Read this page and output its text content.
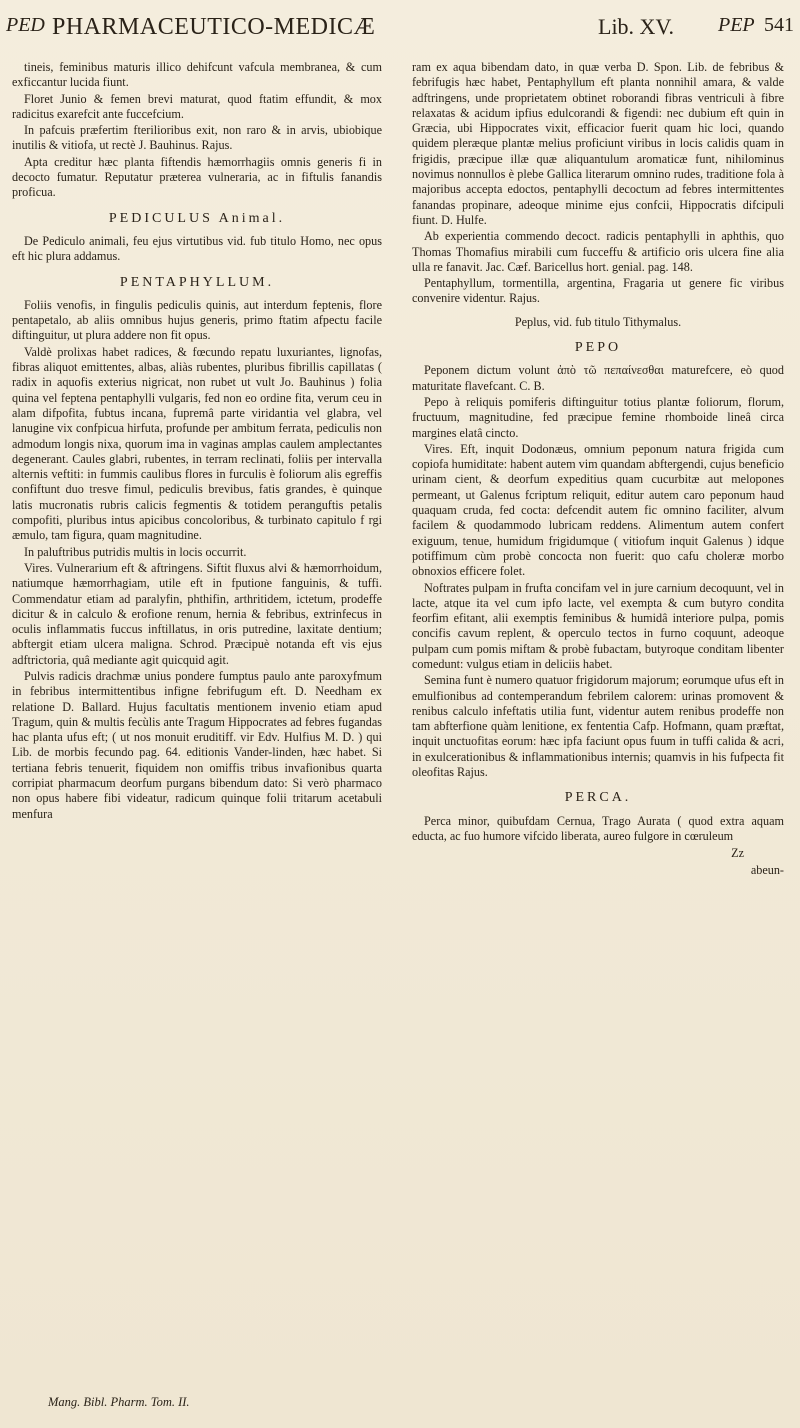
PED PHARMACEUTICO-MEDICÆ	Lib. XV. PEP 541

tineis, feminibus maturis illico dehifcunt vafcula membranea, & cum exficcantur lucida fiunt.

Floret Junio & femen brevi maturat, quod ftatim effundit, & mox radicitus exarefcit ante fuccefcium.

In pafcuis præfertim fterilioribus exit, non raro & in arvis, ubiobique inutilis & vitiofa, ut rectè J. Bauhinus. Rajus.

Apta creditur hæc planta fiftendis hæmorrhagiis omnis generis fi in decocto fumatur. Reputatur præterea vulneraria, ac in fiftulis fanandis proficua.

PEDICULUS Animal.

De Pediculo animali, feu ejus virtutibus vid. fub titulo Homo, nec opus eft hic plura addamus.

PENTAPHYLLUM.

Foliis venofis, in fingulis pediculis quinis, aut interdum feptenis, flore pentapetalo, ab aliis omnibus hujus generis, primo ftatim afpectu facile diftinguitur, ut plura addere non fit opus.

Valdè prolixas habet radices, & fœcundo repatu luxuriantes, lignofas, fibras aliquot emittentes, albas, aliàs rubentes, pluribus fibrillis capillatas ( radix in aquofis exterius nigricat, non rubet ut vult Jo. Bauhinus ) folia quina vel feptena pentaphylli vulgaris, fed non eo ordine fita, verum ceu in alam difpofita, fubtus incana, fupremâ parte viridantia vel glabra, vel lanugine vix confpicua hirfuta, profunde per ambitum ferrata, pediculis non admodum longis nixa, quorum ima in vaginas amplas caulem amplectantes degenerant. Caules glabri, rubentes, in terram reclinati, foliis per intervalla alternis veftiti: in fummis caulibus flores in furculis è foliorum alis egreffis confiftunt duo tresve fimul, pediculis brevibus, fatis grandes, è quinque latis mucronatis rubris calicis fegmentis & totidem peranguftis petalis compofiti, pluribus intus apicibus concoloribus, & turbinato capitulo f rgi æmulo, tam figura, quam magnitudine.

In paluftribus putridis multis in locis occurrit.

Vires. Vulnerarium eft & aftringens. Siftit fluxus alvi & hæmorrhoidum, natiumque hæmorrhagiam, utile eft in fputione fanguinis, & tuffi. Commendatur etiam ad paralyfin, phthifin, arthritidem, ictetum, prodeffe dicitur & in calculo & erofione renum, hernia & febribus, extrinfecus in oculis inflammatis fuccus inftillatus, in oris putredine, laxitate dentium; abftergit etiam ulcera maligna. Schrod. Præcipuè notanda eft vis ejus adftrictoria, quâ mediante agit quicquid agit.

Pulvis radicis drachmæ unius pondere fumptus paulo ante paroxyfmum in febribus intermittentibus infigne febrifugum eft. D. Needham ex relatione D. Ballard. Hujus facultatis mentionem invenio etiam apud Tragum, quin & multis fecùlis ante Tragum Hippocrates ad febres fugandas hac planta ufus eft; ( ut nos monuit eruditiff. vir Edv. Hulfius M. D. ) qui Lib. de morbis fecundo pag. 64. editionis Vander-linden, hæc habet. Si tertiana febris tenuerit, fiquidem non omiffis tribus invafionibus quarta corripiat pharmacum deorfum purgans bibendum dato: Si verò pharmaco non opus habere fibi videatur, radicum quinque folii tritarum acetabuli menfura

Mang. Bibl. Pharm. Tom. II.

ram ex aqua bibendam dato, in quæ verba D. Spon. Lib. de febribus & febrifugis hæc habet, Pentaphyllum eft planta nonnihil amara, & valde adftringens, unde proprietatem obtinet roborandi fibras ventriculi à fibre relaxatas & acidum ipfius edulcorandi & figendi: nec dubium eft quin in Græcia, ubi Hippocrates vixit, efficacior fuerit quam hic loci, quando quidem pleræque plantæ melius proficiunt viribus in locis calidis quam in frigidis, præcipue illæ quæ aliquantulum aromaticæ funt, nihilominus novimus nonnullos è plebe Gallica literarum omnino rudes, traditione fola à majoribus accepta edoctos, pentaphylli decoctum ad febres intermittentes fanandas propinare, adeoque minime ejus confcii, Hippocratis difcipuli fiunt. D. Hulfe.

Ab experientia commendo decoct. radicis pentaphylli in aphthis, quo Thomas Thomafius mirabili cum fucceffu & artificio oris ulcera fine alia ulla re fanavit. Jac. Cæf. Baricellus hort. genial. pag. 148.

Pentaphyllum, tormentilla, argentina, Fragaria ut genere fic viribus convenire videntur. Rajus.

Peplus, vid. fub titulo Tithymalus.

PEPO

Peponem dictum volunt ἀπὸ τῶ πεπαίνεσθαι maturefcere, eò quod maturitate flavefcant. C. B.

Pepo à reliquis pomiferis diftinguitur totius plantæ foliorum, florum, fructuum, magnitudine, fed præcipue femine rhomboide lineâ circa margines elatâ cincto.

Vires. Eft, inquit Dodonæus, omnium peponum natura frigida cum copiofa humiditate: habent autem vim quandam abftergendi, cujus beneficio urinam cient, & deorfum expeditius quam cucurbitæ aut melopones permeant, ut Galenus fcriptum reliquit, editur autem caro peponum haud quaquam cruda, fed cocta: defcendit autem fic omnino faciliter, alvum facilem & quodammodo lubricam reddens. Alimentum autem confert exiguum, tenue, humidum frigidumque ( vitiofum inquit Galenus ) idque potiffimum cùm probè concocta non fuerit: quo cafu choleræ morbo obnoxios efficere folet.

Noftrates pulpam in frufta concifam vel in jure carnium decoquunt, vel in lacte, atque ita vel cum ipfo lacte, vel exempta & cum butyro condita feorfim efitant, alii exemptis feminibus & humidâ interiore pulpa, pomis concifis cavum replent, & operculo tectos in furno coquunt, adeoque pulpam cum pomis miftam & probè fubactam, butyroque conditam libenter comedunt: vulgus etiam in deliciis habet.

Semina funt è numero quatuor frigidorum majorum; eorumque ufus eft in emulfionibus ad contemperandum febrilem calorem: urinas promovent & renibus calculo infeftatis utilia funt, videntur autem renibus prodeffe non tam abfterfione quàm lenitione, ex fententia Cafp. Hofmann, quam præftat, inquit unctuofitas eorum: hæc ipfa faciunt opus fuum in tuffi calida & acri, in exulcerationibus & inflammationibus internis; quamvis in his fufpecta fit oleofitas Rajus.

PERCA.

Perca minor, quibufdam Cernua, Trago Aurata ( quod extra aquam educta, ac fuo humore vifcido liberata, aureo fulgore in cœruleum

Zz

abeun-
